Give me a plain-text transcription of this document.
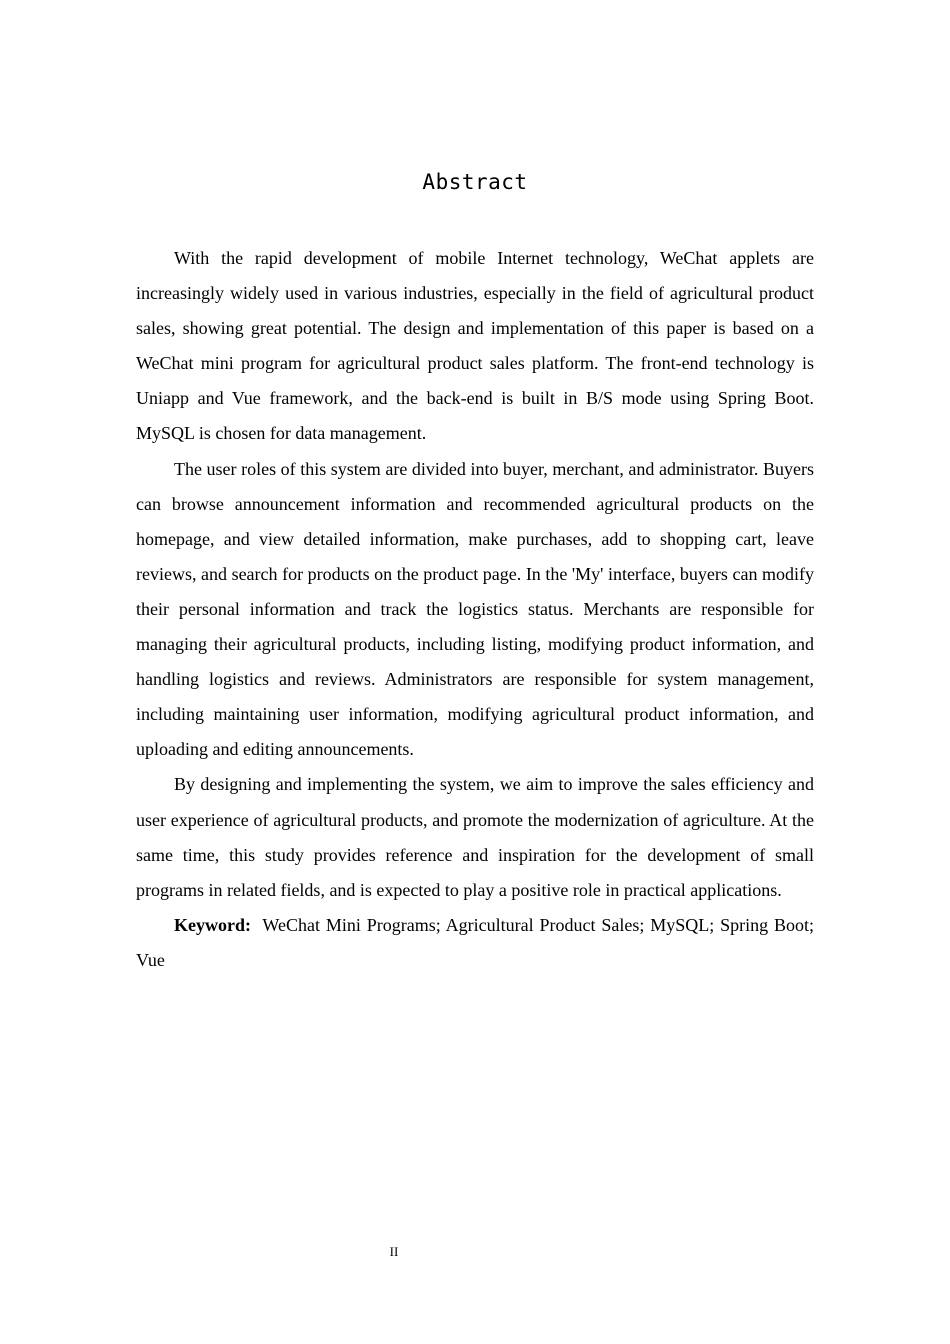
Abstract

With the rapid development of mobile Internet technology, WeChat applets are increasingly widely used in various industries, especially in the field of agricultural product sales, showing great potential. The design and implementation of this paper is based on a WeChat mini program for agricultural product sales platform. The front-end technology is Uniapp and Vue framework, and the back-end is built in B/S mode using Spring Boot. MySQL is chosen for data management.

The user roles of this system are divided into buyer, merchant, and administrator. Buyers can browse announcement information and recommended agricultural products on the homepage, and view detailed information, make purchases, add to shopping cart, leave reviews, and search for products on the product page. In the 'My' interface, buyers can modify their personal information and track the logistics status. Merchants are responsible for managing their agricultural products, including listing, modifying product information, and handling logistics and reviews. Administrators are responsible for system management, including maintaining user information, modifying agricultural product information, and uploading and editing announcements.

By designing and implementing the system, we aim to improve the sales efficiency and user experience of agricultural products, and promote the modernization of agriculture. At the same time, this study provides reference and inspiration for the development of small programs in related fields, and is expected to play a positive role in practical applications.

Keyword: WeChat Mini Programs; Agricultural Product Sales; MySQL; Spring Boot; Vue

II
